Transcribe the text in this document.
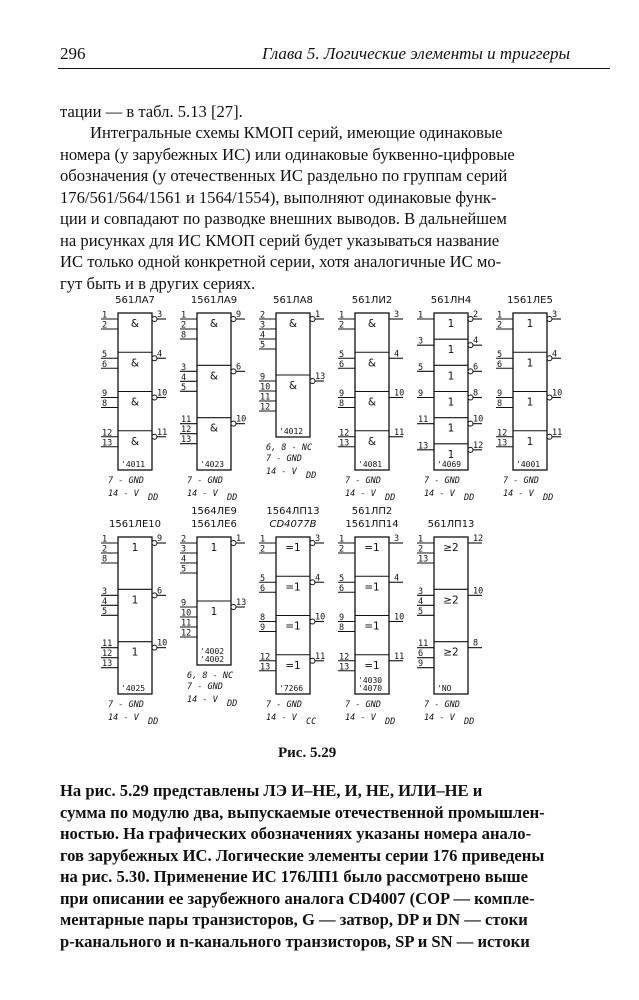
296	Глава 5. Логические элементы и триггеры
тации — в табл. 5.13 [27].
Интегральные схемы КМОП серий, имеющие одинаковые
номера (у зарубежных ИС) или одинаковые буквенно-цифровые
обозначения (у отечественных ИС раздельно по группам серий
176/561/564/1561 и 1564/1554), выполняют одинаковые функ-
ции и совпадают по разводке внешних выводов. В дальнейшем
на рисунках для ИС КМОП серий будет указываться название
ИС только одной конкретной серии, хотя аналогичные ИС мо-
гут быть и в других сериях.
561ЛА7
&
1
2
3
&
5
6
4
&
9
8
10
&
12
13
11
'4011
7 - GND
14 - V DD
1561ЛА9
&
1
2
8
9
&
3
4
5
6
&
11
12
13
10
'4023
7 - GND
14 - V DD
561ЛА8
&
2
3
4
5
1
&
9
10
11
12
13
'4012
6, 8 - NC
7 - GND
14 - V DD
561ЛИ2
&
1
2
3
&
5
6
4
&
9
8
10
&
12
13
11
'4081
7 - GND
14 - V DD
561ЛН4
1
1	2
1
3	4
1
5	6
1
9	8
1
11	10
1
13	12
'4069
7 - GND
14 - V DD
1561ЛЕ5
1
1
2
3
1
5
6
4
1
9
8
10
1
12
13
11
'4001
7 - GND
14 - V DD
1561ЛЕ10
1
1
2
8
9
1
3
4
5
6
1
11
12
13
10
'4025
7 - GND
14 - V DD
1564ЛЕ9
1561ЛЕ6
1
2
3
4
5
1
1
9
10
11
12
13
'4002
'4002
6, 8 - NC
7 - GND
14 - V DD
1564ЛП13
CD4077B
=1
1
2
3
=1
5
6
4
=1
8
9
10
=1
12
13
11
'7266
7 - GND
14 - V CC
561ЛП2
1561ЛП14
=1
1
2
3
=1
5
6
4
=1
9
8
10
=1
12
13
11
'4030
'4070
7 - GND
14 - V DD
561ЛП13
≥2
1
2
13
12
≥2
3
4
5
10
≥2
11
6
9
8
'NO
7 - GND
14 - V DD
Рис. 5.29
На рис. 5.29 представлены ЛЭ И–НЕ, И, НЕ, ИЛИ–НЕ и
сумма по модулю два, выпускаемые отечественной промышлен-
ностью. На графических обозначениях указаны номера анало-
гов зарубежных ИС. Логические элементы серии 176 приведены
на рис. 5.30. Применение ИС 176ЛП1 было рассмотрено выше
при описании ее зарубежного аналога CD4007 (COP — компле-
ментарные пары транзисторов, G — затвор, DP и DN — стоки
p-канального и n-канального транзисторов, SP и SN — истоки
